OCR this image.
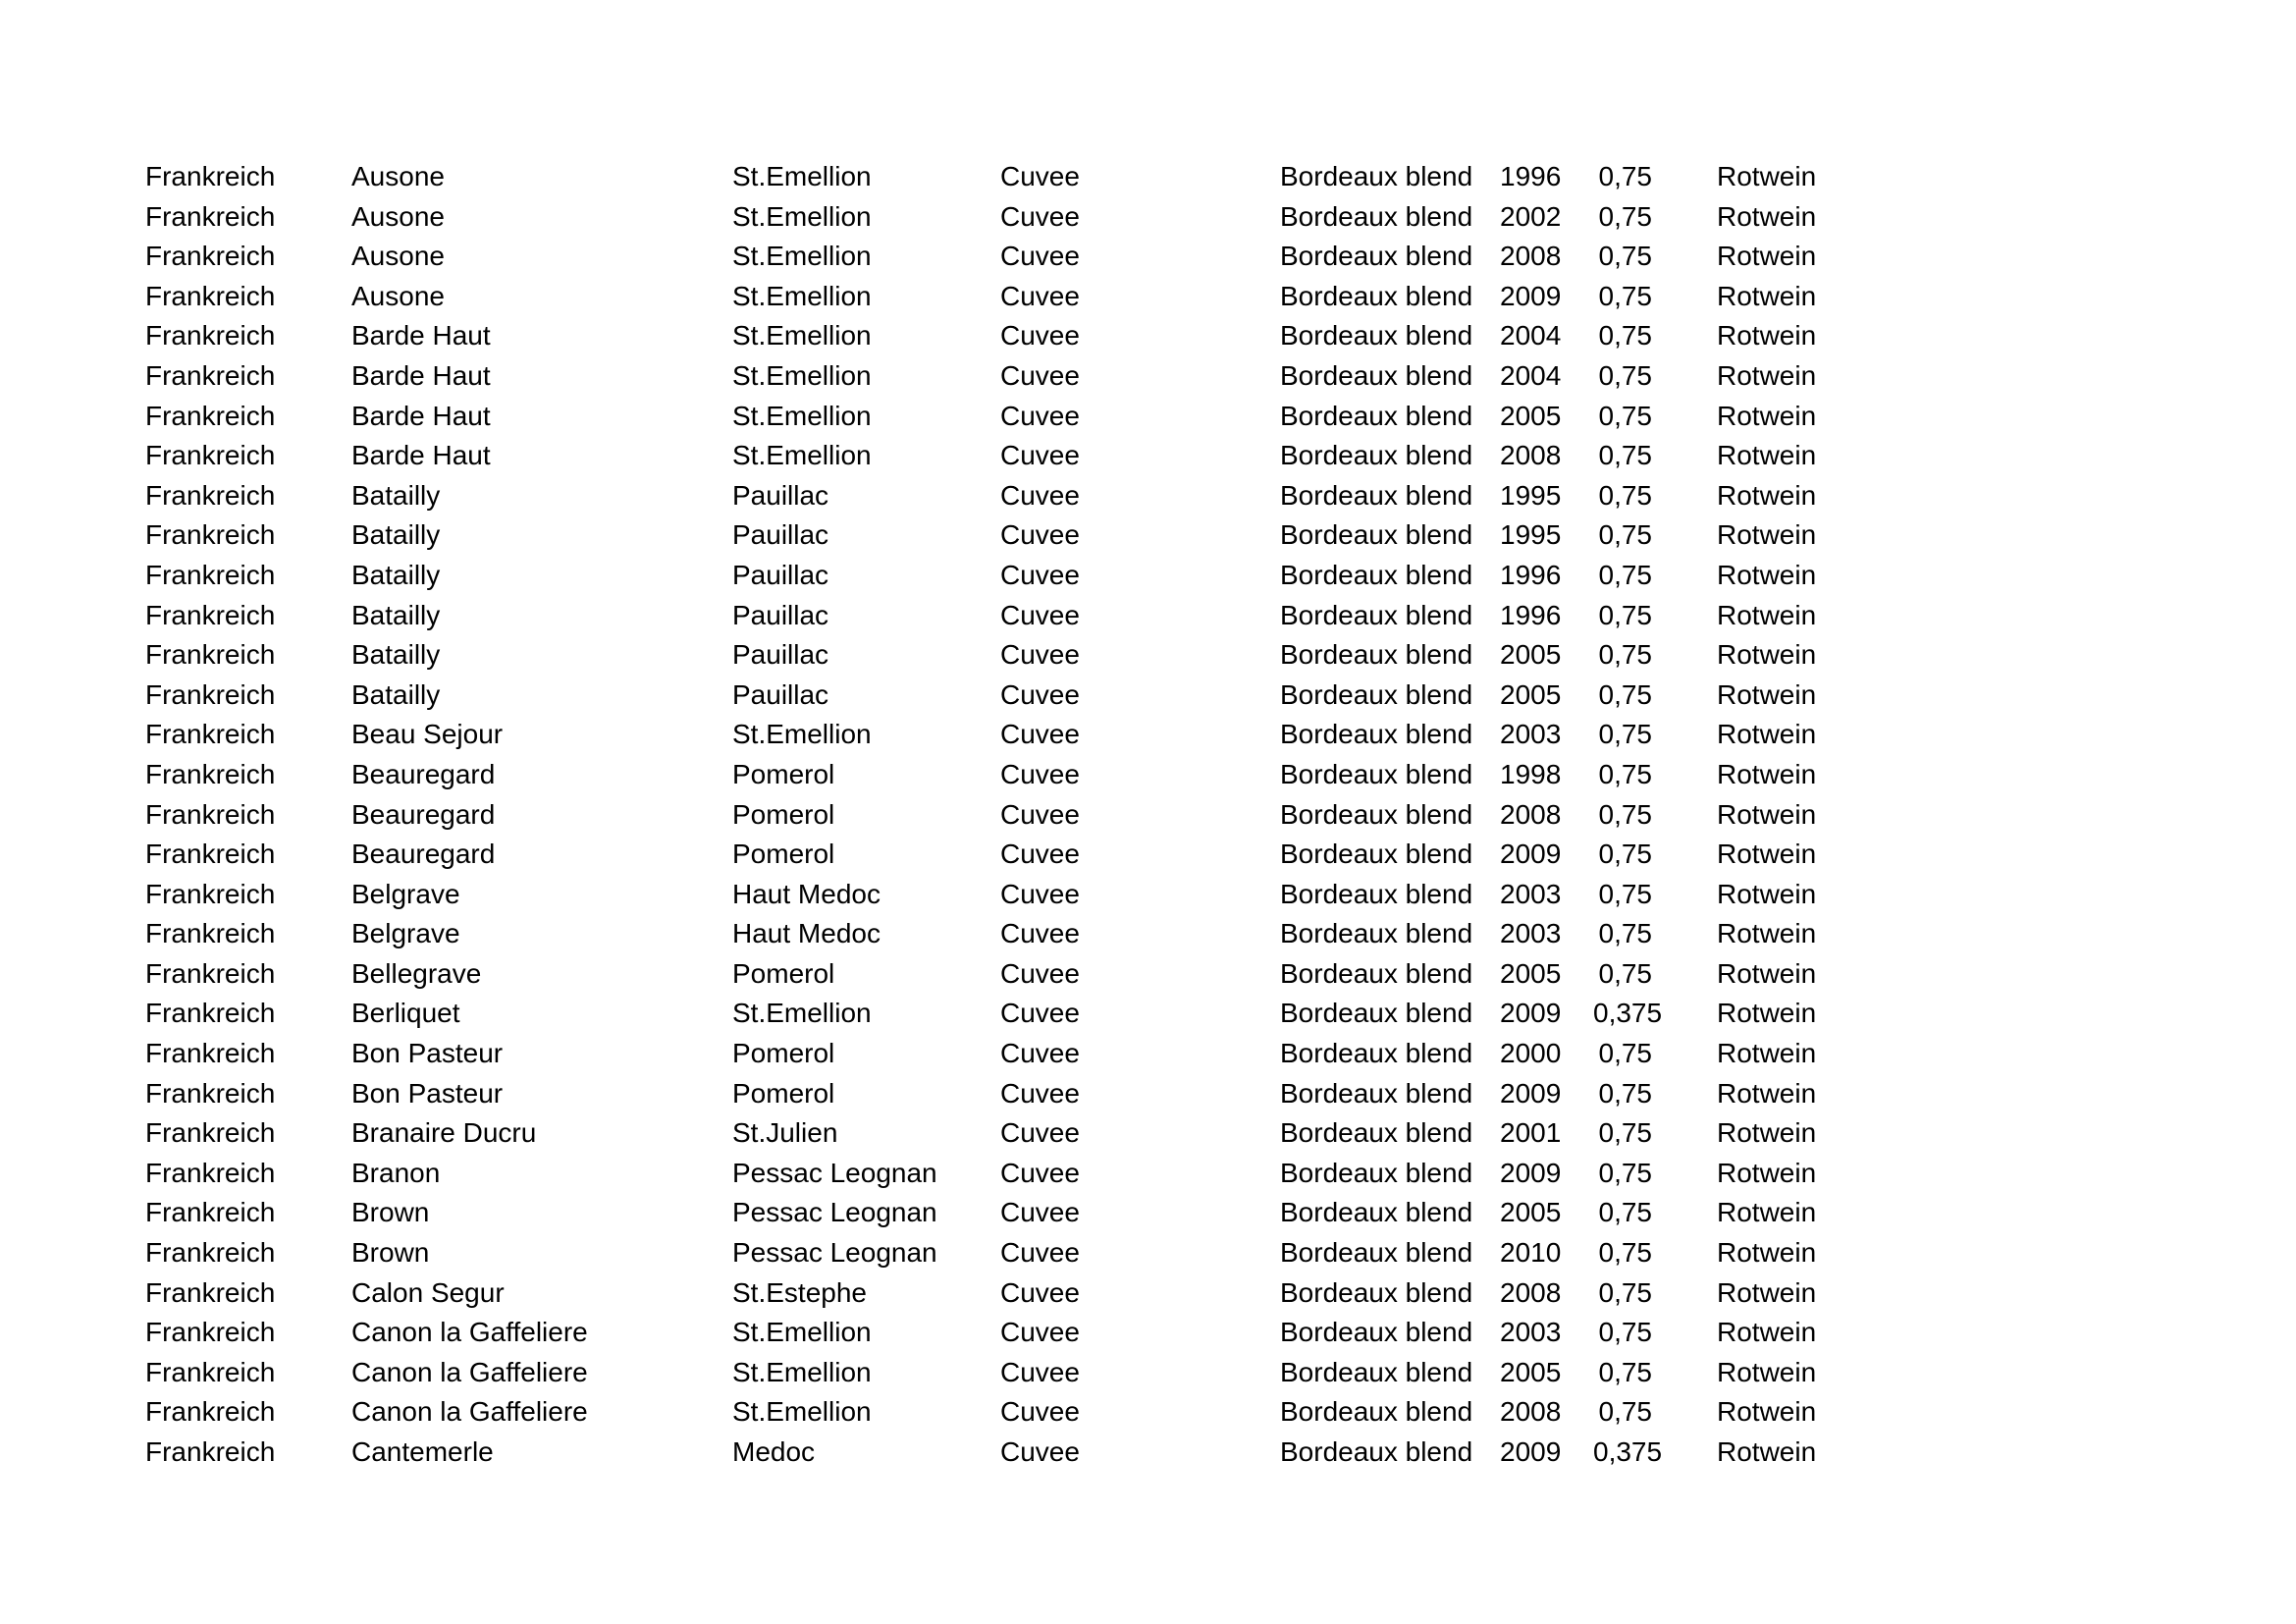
Frankreich	Ausone	St.Emellion	Cuvee	Bordeaux blend	1996	0,75		Rotwein
Frankreich	Ausone	St.Emellion	Cuvee	Bordeaux blend	2002	0,75		Rotwein
Frankreich	Ausone	St.Emellion	Cuvee	Bordeaux blend	2008	0,75		Rotwein
Frankreich	Ausone	St.Emellion	Cuvee	Bordeaux blend	2009	0,75		Rotwein
Frankreich	Barde Haut	St.Emellion	Cuvee	Bordeaux blend	2004	0,75		Rotwein
Frankreich	Barde Haut	St.Emellion	Cuvee	Bordeaux blend	2004	0,75		Rotwein
Frankreich	Barde Haut	St.Emellion	Cuvee	Bordeaux blend	2005	0,75		Rotwein
Frankreich	Barde Haut	St.Emellion	Cuvee	Bordeaux blend	2008	0,75		Rotwein
Frankreich	Batailly	Pauillac	Cuvee	Bordeaux blend	1995	0,75		Rotwein
Frankreich	Batailly	Pauillac	Cuvee	Bordeaux blend	1995	0,75		Rotwein
Frankreich	Batailly	Pauillac	Cuvee	Bordeaux blend	1996	0,75		Rotwein
Frankreich	Batailly	Pauillac	Cuvee	Bordeaux blend	1996	0,75		Rotwein
Frankreich	Batailly	Pauillac	Cuvee	Bordeaux blend	2005	0,75		Rotwein
Frankreich	Batailly	Pauillac	Cuvee	Bordeaux blend	2005	0,75		Rotwein
Frankreich	Beau Sejour	St.Emellion	Cuvee	Bordeaux blend	2003	0,75		Rotwein
Frankreich	Beauregard	Pomerol	Cuvee	Bordeaux blend	1998	0,75		Rotwein
Frankreich	Beauregard	Pomerol	Cuvee	Bordeaux blend	2008	0,75		Rotwein
Frankreich	Beauregard	Pomerol	Cuvee	Bordeaux blend	2009	0,75		Rotwein
Frankreich	Belgrave	Haut Medoc	Cuvee	Bordeaux blend	2003	0,75		Rotwein
Frankreich	Belgrave	Haut Medoc	Cuvee	Bordeaux blend	2003	0,75		Rotwein
Frankreich	Bellegrave	Pomerol	Cuvee	Bordeaux blend	2005	0,75		Rotwein
Frankreich	Berliquet	St.Emellion	Cuvee	Bordeaux blend	2009	0,375		Rotwein
Frankreich	Bon Pasteur	Pomerol	Cuvee	Bordeaux blend	2000	0,75		Rotwein
Frankreich	Bon Pasteur	Pomerol	Cuvee	Bordeaux blend	2009	0,75		Rotwein
Frankreich	Branaire Ducru	St.Julien	Cuvee	Bordeaux blend	2001	0,75		Rotwein
Frankreich	Branon	Pessac Leognan	Cuvee	Bordeaux blend	2009	0,75		Rotwein
Frankreich	Brown	Pessac Leognan	Cuvee	Bordeaux blend	2005	0,75		Rotwein
Frankreich	Brown	Pessac Leognan	Cuvee	Bordeaux blend	2010	0,75		Rotwein
Frankreich	Calon Segur	St.Estephe	Cuvee	Bordeaux blend	2008	0,75		Rotwein
Frankreich	Canon la Gaffeliere	St.Emellion	Cuvee	Bordeaux blend	2003	0,75		Rotwein
Frankreich	Canon la Gaffeliere	St.Emellion	Cuvee	Bordeaux blend	2005	0,75		Rotwein
Frankreich	Canon la Gaffeliere	St.Emellion	Cuvee	Bordeaux blend	2008	0,75		Rotwein
Frankreich	Cantemerle	Medoc	Cuvee	Bordeaux blend	2009	0,375		Rotwein
